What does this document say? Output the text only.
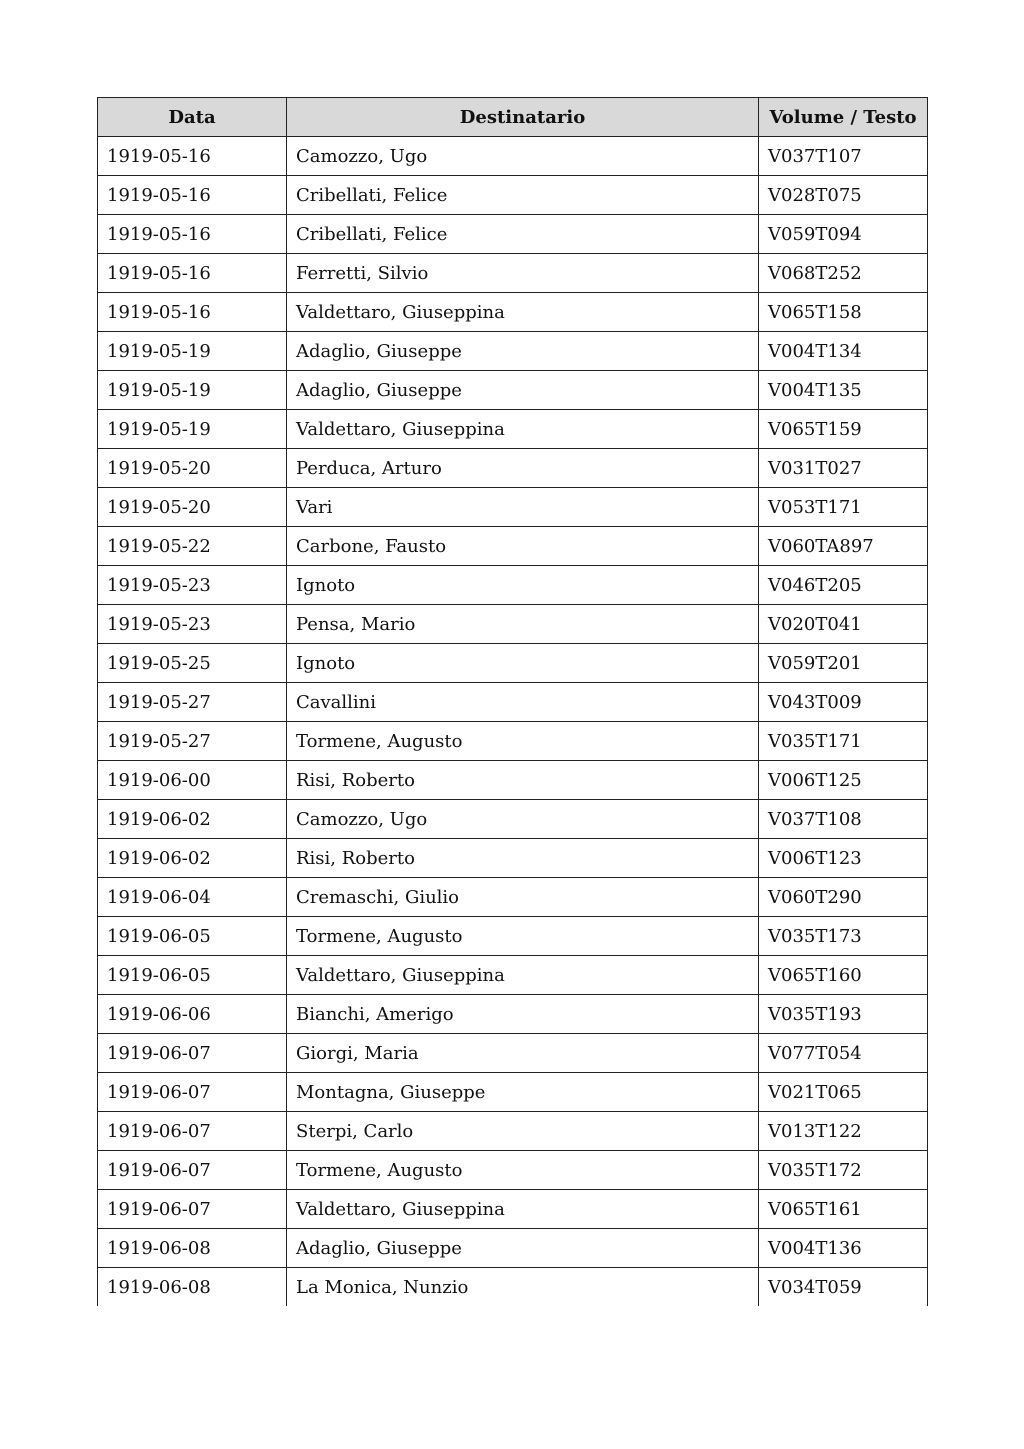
Data	Destinatario	Volume / Testo
1919-05-16	Camozzo, Ugo	V037T107
1919-05-16	Cribellati, Felice	V028T075
1919-05-16	Cribellati, Felice	V059T094
1919-05-16	Ferretti, Silvio	V068T252
1919-05-16	Valdettaro, Giuseppina	V065T158
1919-05-19	Adaglio, Giuseppe	V004T134
1919-05-19	Adaglio, Giuseppe	V004T135
1919-05-19	Valdettaro, Giuseppina	V065T159
1919-05-20	Perduca, Arturo	V031T027
1919-05-20	Vari	V053T171
1919-05-22	Carbone, Fausto	V060TA897
1919-05-23	Ignoto	V046T205
1919-05-23	Pensa, Mario	V020T041
1919-05-25	Ignoto	V059T201
1919-05-27	Cavallini	V043T009
1919-05-27	Tormene, Augusto	V035T171
1919-06-00	Risi, Roberto	V006T125
1919-06-02	Camozzo, Ugo	V037T108
1919-06-02	Risi, Roberto	V006T123
1919-06-04	Cremaschi, Giulio	V060T290
1919-06-05	Tormene, Augusto	V035T173
1919-06-05	Valdettaro, Giuseppina	V065T160
1919-06-06	Bianchi, Amerigo	V035T193
1919-06-07	Giorgi, Maria	V077T054
1919-06-07	Montagna, Giuseppe	V021T065
1919-06-07	Sterpi, Carlo	V013T122
1919-06-07	Tormene, Augusto	V035T172
1919-06-07	Valdettaro, Giuseppina	V065T161
1919-06-08	Adaglio, Giuseppe	V004T136
1919-06-08	La Monica, Nunzio	V034T059
